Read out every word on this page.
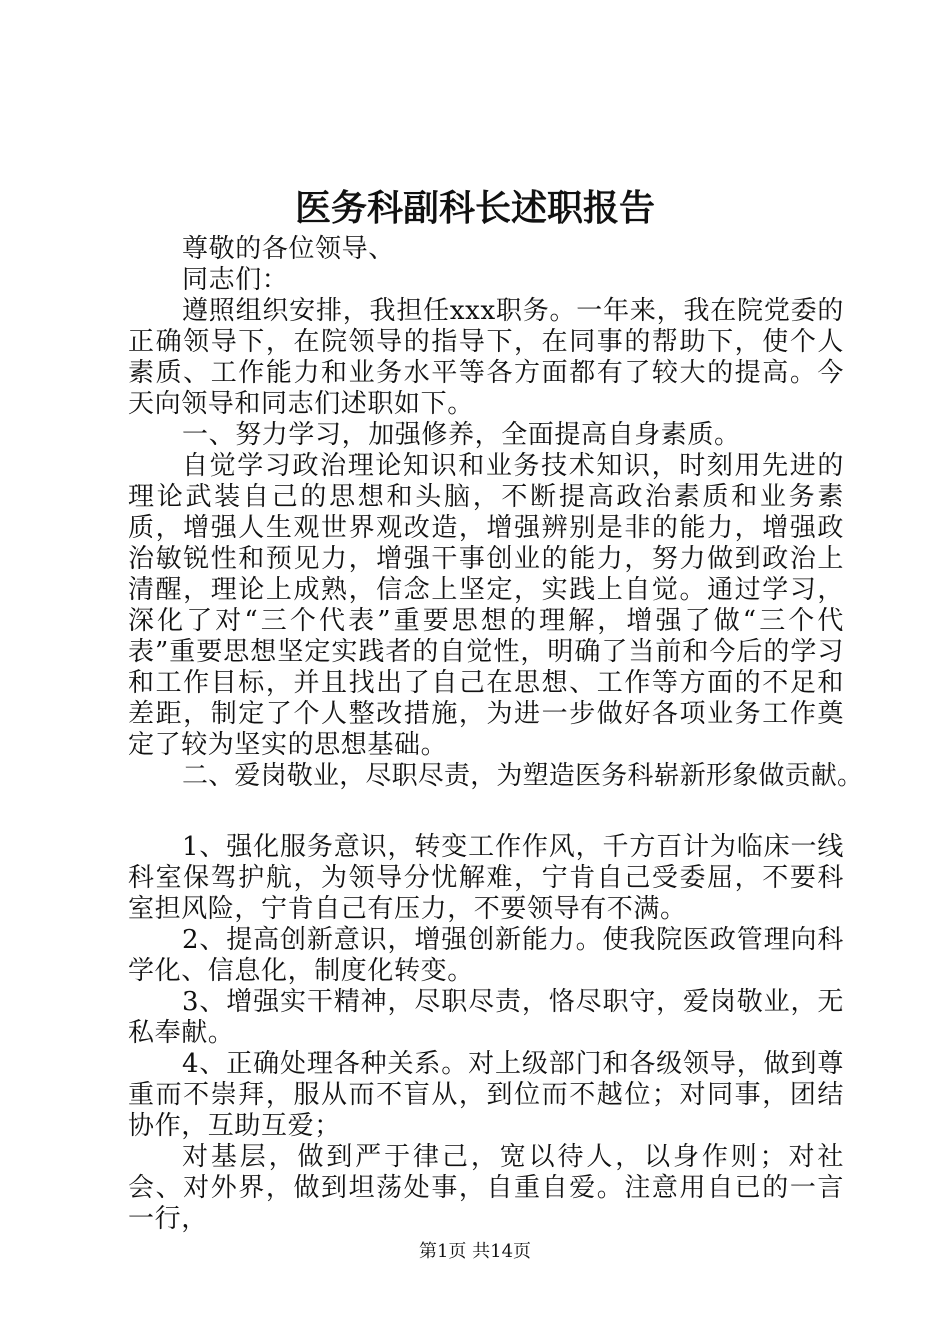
医务科副科长述职报告

尊敬的各位领导、

同志们：

遵照组织安排，我担任xxx职务。一年来，我在院党委的正确领导下，在院领导的指导下，在同事的帮助下，使个人素质、工作能力和业务水平等各方面都有了较大的提高。今天向领导和同志们述职如下。

一、努力学习，加强修养，全面提高自身素质。

自觉学习政治理论知识和业务技术知识，时刻用先进的理论武装自己的思想和头脑，不断提高政治素质和业务素质，增强人生观世界观改造，增强辨别是非的能力，增强政治敏锐性和预见力，增强干事创业的能力，努力做到政治上清醒，理论上成熟，信念上坚定，实践上自觉。通过学习，深化了对“三个代表”重要思想的理解，增强了做“三个代表”重要思想坚定实践者的自觉性，明确了当前和今后的学习和工作目标，并且找出了自己在思想、工作等方面的不足和差距，制定了个人整改措施，为进一步做好各项业务工作奠定了较为坚实的思想基础。

二、爱岗敬业，尽职尽责，为塑造医务科崭新形象做贡献。

1、强化服务意识，转变工作作风，千方百计为临床一线科室保驾护航，为领导分忧解难，宁肯自己受委屈，不要科室担风险，宁肯自己有压力，不要领导有不满。

2、提高创新意识，增强创新能力。使我院医政管理向科学化、信息化，制度化转变。

3、增强实干精神，尽职尽责，恪尽职守，爱岗敬业，无私奉献。

4、正确处理各种关系。对上级部门和各级领导，做到尊重而不崇拜，服从而不盲从，到位而不越位；对同事，团结协作，互助互爱；

对基层，做到严于律己，宽以待人，以身作则；对社会、对外界，做到坦荡处事，自重自爱。注意用自已的一言一行，

第1页 共14页
